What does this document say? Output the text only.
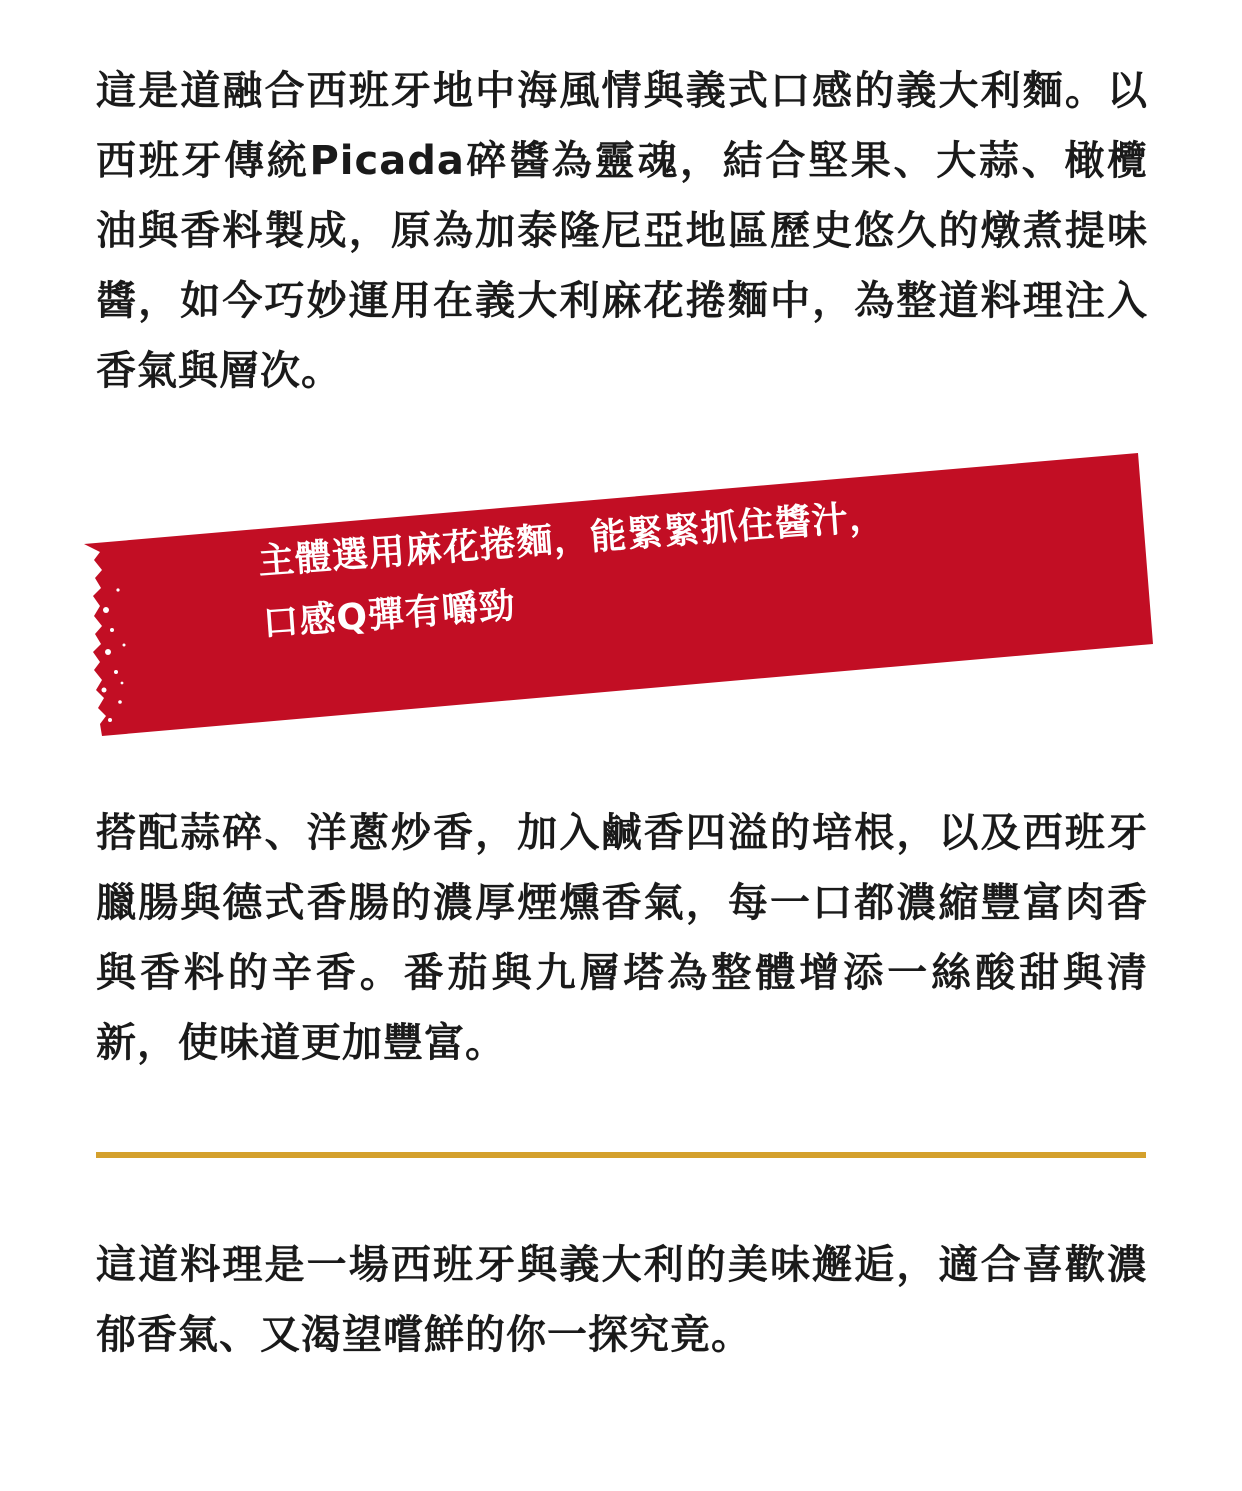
這是道融合西班牙地中海風情與義式口感的義大利麵。以西班牙傳統Picada碎醬為靈魂，結合堅果、大蒜、橄欖油與香料製成，原為加泰隆尼亞地區歷史悠久的燉煮提味醬，如今巧妙運用在義大利麻花捲麵中，為整道料理注入香氣與層次。

主體選用麻花捲麵，能緊緊抓住醬汁，
口感Q彈有嚼勁

搭配蒜碎、洋蔥炒香，加入鹹香四溢的培根，以及西班牙臘腸與德式香腸的濃厚煙燻香氣，每一口都濃縮豐富肉香與香料的辛香。番茄與九層塔為整體增添一絲酸甜與清新，使味道更加豐富。

這道料理是一場西班牙與義大利的美味邂逅，適合喜歡濃郁香氣、又渴望嚐鮮的你一探究竟。
